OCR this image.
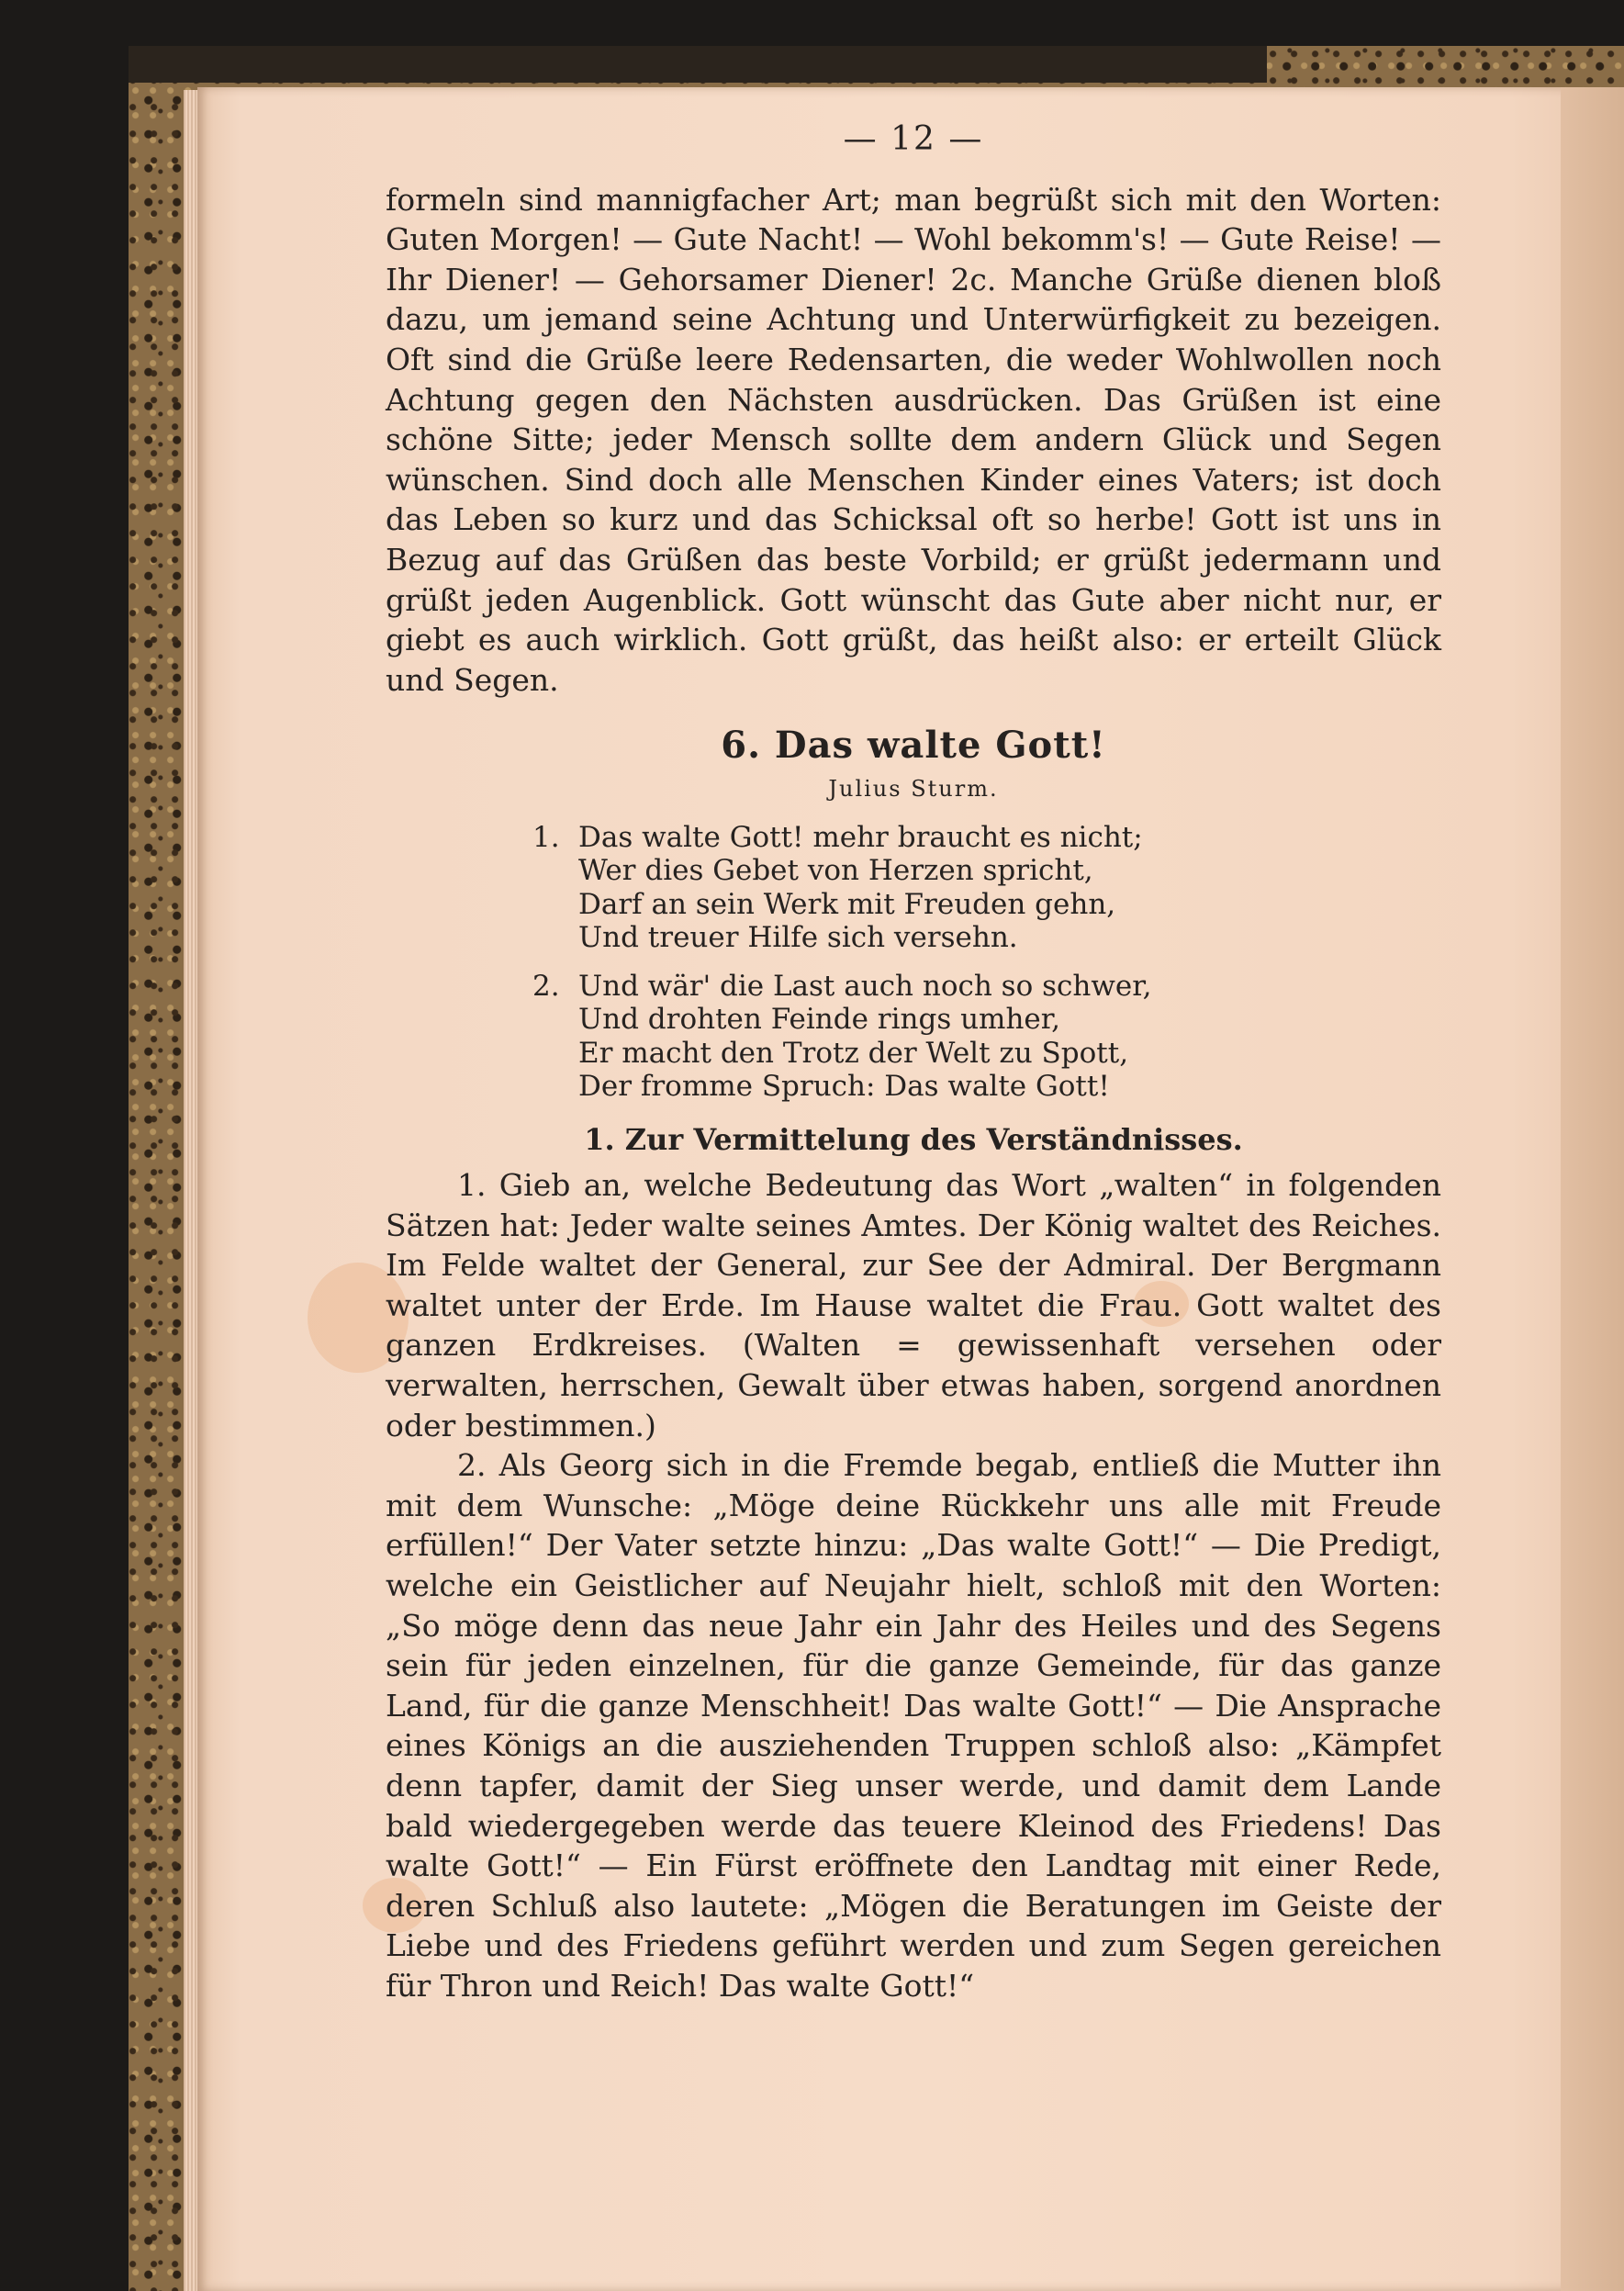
— 12 —

formeln sind mannigfacher Art; man begrüßt sich mit den Worten: Guten Morgen! — Gute Nacht! — Wohl bekomm's! — Gute Reise! — Ihr Diener! — Gehorsamer Diener! 2c. Manche Grüße dienen bloß dazu, um jemand seine Achtung und Unterwürfigkeit zu bezeigen. Oft sind die Grüße leere Redensarten, die weder Wohlwollen noch Achtung gegen den Nächsten ausdrücken. Das Grüßen ist eine schöne Sitte; jeder Mensch sollte dem andern Glück und Segen wünschen. Sind doch alle Menschen Kinder eines Vaters; ist doch das Leben so kurz und das Schicksal oft so herbe! Gott ist uns in Bezug auf das Grüßen das beste Vorbild; er grüßt jedermann und grüßt jeden Augenblick. Gott wünscht das Gute aber nicht nur, er giebt es auch wirklich. Gott grüßt, das heißt also: er erteilt Glück und Segen.

6. Das walte Gott!
Julius Sturm.
1. Das walte Gott! mehr braucht es nicht;
Wer dies Gebet von Herzen spricht,
Darf an sein Werk mit Freuden gehn,
Und treuer Hilfe sich versehn.
2. Und wär' die Last auch noch so schwer,
Und drohten Feinde rings umher,
Er macht den Trotz der Welt zu Spott,
Der fromme Spruch: Das walte Gott!
1. Zur Vermittelung des Verständnisses.

1. Gieb an, welche Bedeutung das Wort „walten“ in folgenden Sätzen hat: Jeder walte seines Amtes. Der König waltet des Reiches. Im Felde waltet der General, zur See der Admiral. Der Bergmann waltet unter der Erde. Im Hause waltet die Frau. Gott waltet des ganzen Erdkreises. (Walten = gewissenhaft versehen oder verwalten, herrschen, Gewalt über etwas haben, sorgend anordnen oder bestimmen.)

2. Als Georg sich in die Fremde begab, entließ die Mutter ihn mit dem Wunsche: „Möge deine Rückkehr uns alle mit Freude erfüllen!“ Der Vater setzte hinzu: „Das walte Gott!“ — Die Predigt, welche ein Geistlicher auf Neujahr hielt, schloß mit den Worten: „So möge denn das neue Jahr ein Jahr des Heiles und des Segens sein für jeden einzelnen, für die ganze Gemeinde, für das ganze Land, für die ganze Menschheit! Das walte Gott!“ — Die Ansprache eines Königs an die ausziehenden Truppen schloß also: „Kämpfet denn tapfer, damit der Sieg unser werde, und damit dem Lande bald wiedergegeben werde das teuere Kleinod des Friedens! Das walte Gott!“ — Ein Fürst eröffnete den Landtag mit einer Rede, deren Schluß also lautete: „Mögen die Beratungen im Geiste der Liebe und des Friedens geführt werden und zum Segen gereichen für Thron und Reich! Das walte Gott!“
